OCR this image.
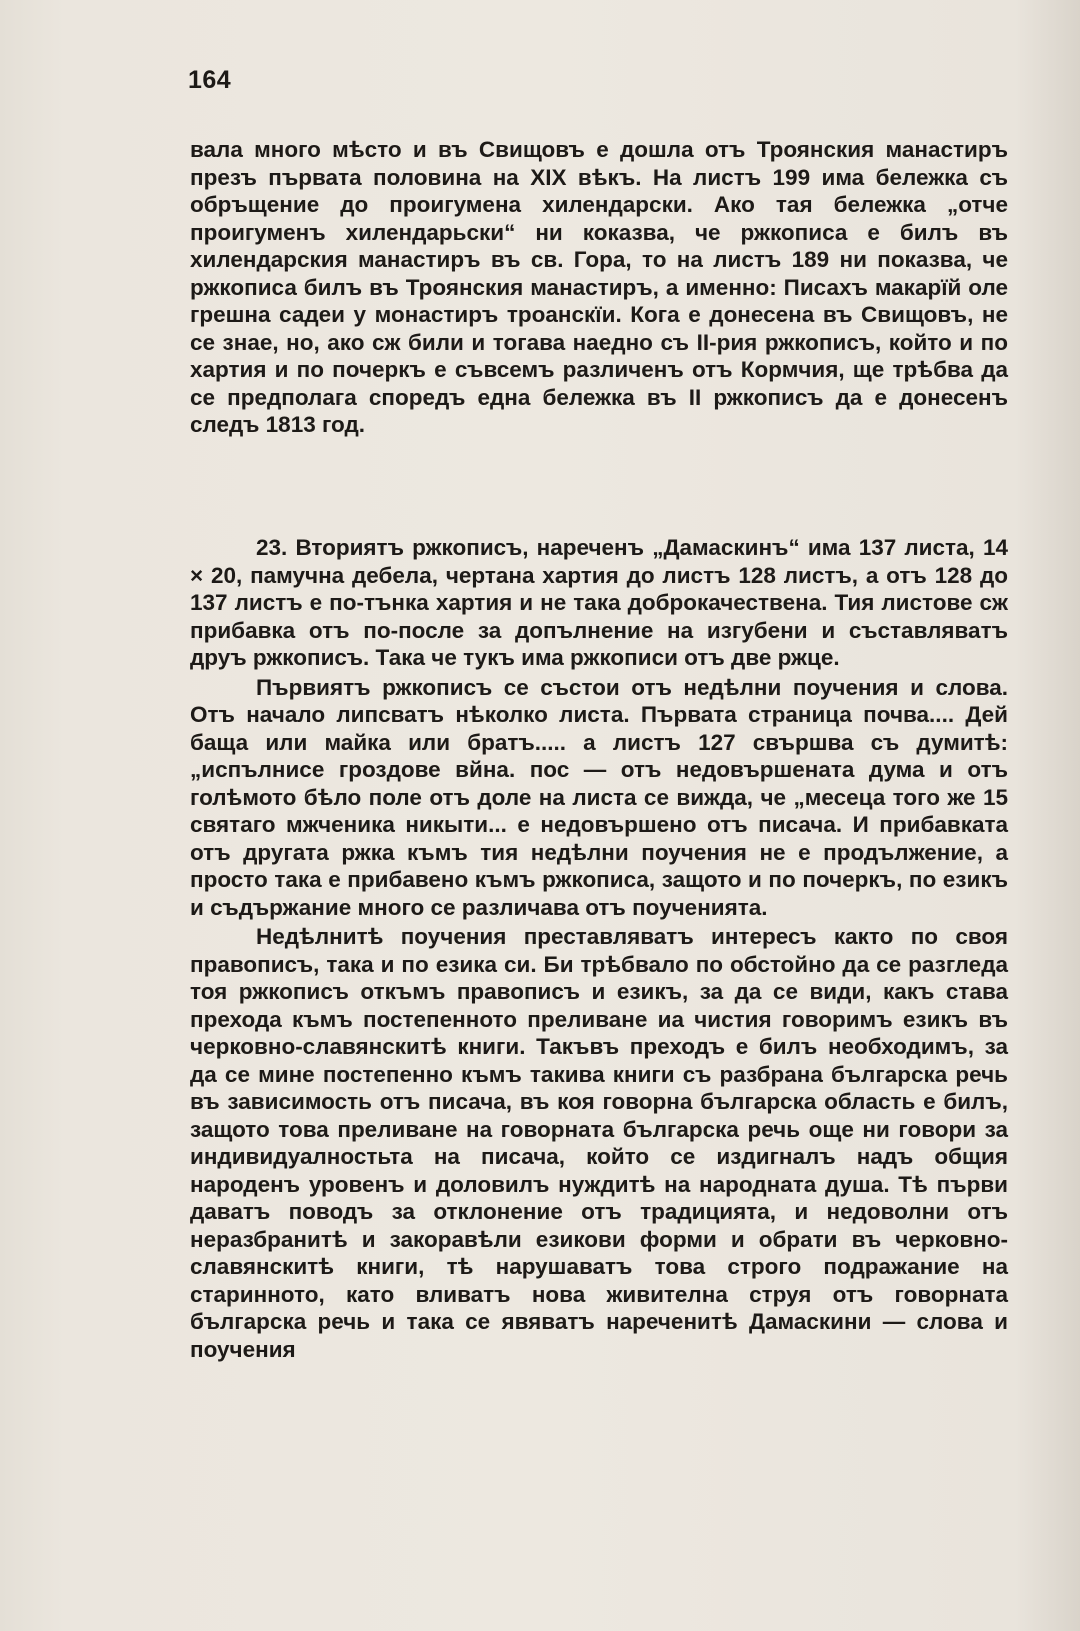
164

вала много мѣсто и въ Свищовъ е дошла отъ Троянския манастиръ презъ първата половина на XIX вѣкъ. На листъ 199 има бележка съ обръщение до проигумена хилендарски. Ако тая бележка „отче проигуменъ хилендарьски“ ни коказва, че ржкописа е билъ въ хилендарския манастиръ въ св. Гора, то на листъ 189 ни показва, че ржкописа билъ въ Троянския манастиръ, а именно: Писахъ макарїй оле грешна садеи у монастиръ троанскїи. Кога е донесена въ Свищовъ, не се знае, но, ако сж били и тогава наедно съ II-рия ржкописъ, който и по хартия и по почеркъ е съвсемъ различенъ отъ Кормчия, ще трѣбва да се предполага споредъ една бележка въ II ржкописъ да е донесенъ следъ 1813 год.

23. Вториятъ ржкописъ, нареченъ „Дамаскинъ“ има 137 листа, 14 × 20, памучна дебела, чертана хартия до листъ 128 листъ, а отъ 128 до 137 листъ е по-тънка хартия и не така доброкачествена. Тия листове сж прибавка отъ по-после за допълнение на изгубени и съставляватъ друъ ржкописъ. Така че тукъ има ржкописи отъ две ржце.

Първиятъ ржкописъ се състои отъ недѣлни поучения и слова. Отъ начало липсватъ нѣколко листа. Първата страница почва.... Дей баща или майка или братъ..... а листъ 127 свършва съ думитѣ: „испълнисе гроздове вйна. пос — отъ недовършената дума и отъ голѣмото бѣло поле отъ доле на листа се вижда, че „месеца того же 15 святаго мжченика никыти... е недовършено отъ писача. И прибавката отъ другата ржка къмъ тия недѣлни поучения не е продължение, а просто така е прибавено къмъ ржкописа, защото и по почеркъ, по езикъ и съдържание много се различава отъ поученията.

Недѣлнитѣ поучения преставляватъ интересъ както по своя правописъ, така и по езика си. Би трѣбвало по обстойно да се разгледа тоя ржкописъ откъмъ правописъ и езикъ, за да се види, какъ става прехода къмъ постепенното преливане иа чистия говоримъ езикъ въ черковно-славянскитѣ книги. Такъвъ преходъ е билъ необходимъ, за да се мине постепенно къмъ такива книги съ разбрана българска речь въ зависимость отъ писача, въ коя говорна българска область е билъ, защото това преливане на говорната българска речь още ни говори за индивидуалностьта на писача, който се издигналъ надъ общия народенъ уровенъ и доловилъ нуждитѣ на народната душа. Тѣ първи даватъ поводъ за отклонение отъ традицията, и недоволни отъ неразбранитѣ и закоравѣли езикови форми и обрати въ черковно-славянскитѣ книги, тѣ нарушаватъ това строго подражание на старинното, като вливатъ нова живителна струя отъ говорната българска речь и така се явяватъ нареченитѣ Дамаскини — слова и поучения
